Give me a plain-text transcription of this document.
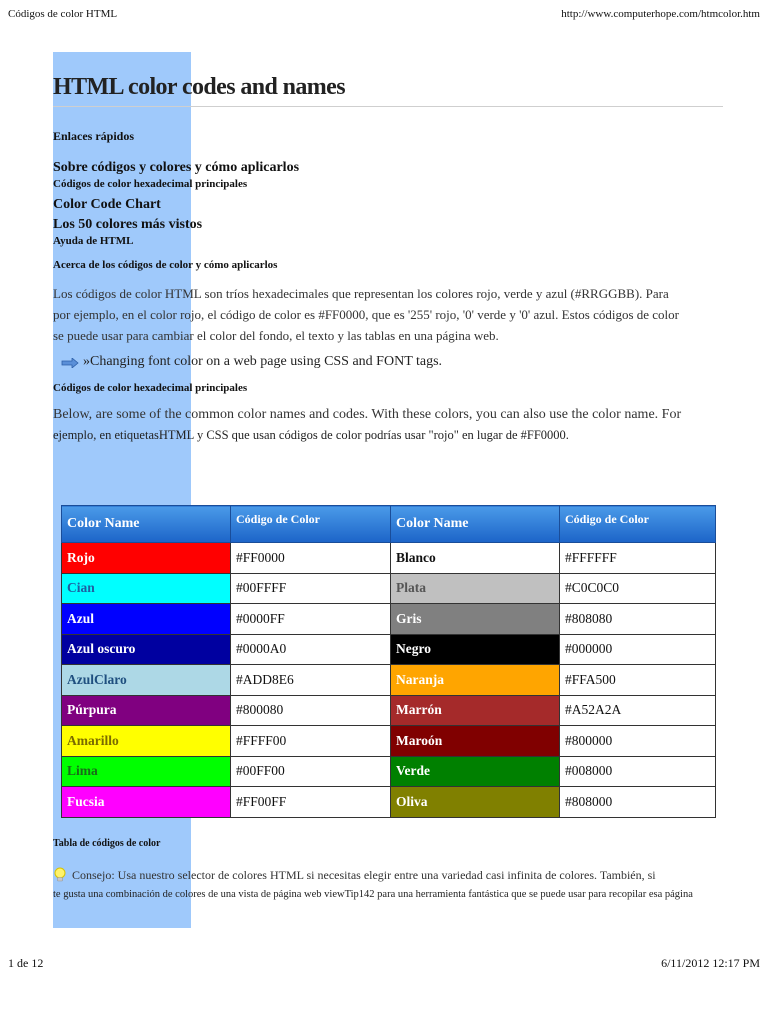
Códigos de color HTML	http://www.computerhope.com/htmcolor.htm
HTML color codes and names
Enlaces rápidos
Sobre códigos y colores y cómo aplicarlos
Códigos de color hexadecimal principales
Color Code Chart
Los 50 colores más vistos
Ayuda de HTML
Acerca de los códigos de color y cómo aplicarlos
Los códigos de color HTML son tríos hexadecimales que representan los colores rojo, verde y azul (#RRGGBB). Para
por ejemplo, en el color rojo, el código de color es #FF0000, que es '255' rojo, '0' verde y '0' azul. Estos códigos de color
se puede usar para cambiar el color del fondo, el texto y las tablas en una página web.
»Changing font color on a web page using CSS and FONT tags.
Códigos de color hexadecimal principales
Below, are some of the common color names and codes. With these colors, you can also use the color name. For
ejemplo, en etiquetasHTML y CSS que usan códigos de color podrías usar "rojo" en lugar de #FF0000.
Color Name	Código de Color	Color Name	Código de Color
Rojo	#FF0000	Blanco	#FFFFFF
Cian	#00FFFF	Plata	#C0C0C0
Azul	#0000FF	Gris	#808080
Azul oscuro	#0000A0	Negro	#000000
AzulClaro	#ADD8E6	Naranja	#FFA500
Púrpura	#800080	Marrón	#A52A2A
Amarillo	#FFFF00	Maroón	#800000
Lima	#00FF00	Verde	#008000
Fucsia	#FF00FF	Oliva	#808000
Tabla de códigos de color
Consejo: Usa nuestro selector de colores HTML si necesitas elegir entre una variedad casi infinita de colores. También, si
te gusta una combinación de colores de una vista de página web viewTip142 para una herramienta fantástica que se puede usar para recopilar esa página
1 de 12	6/11/2012 12:17 PM
